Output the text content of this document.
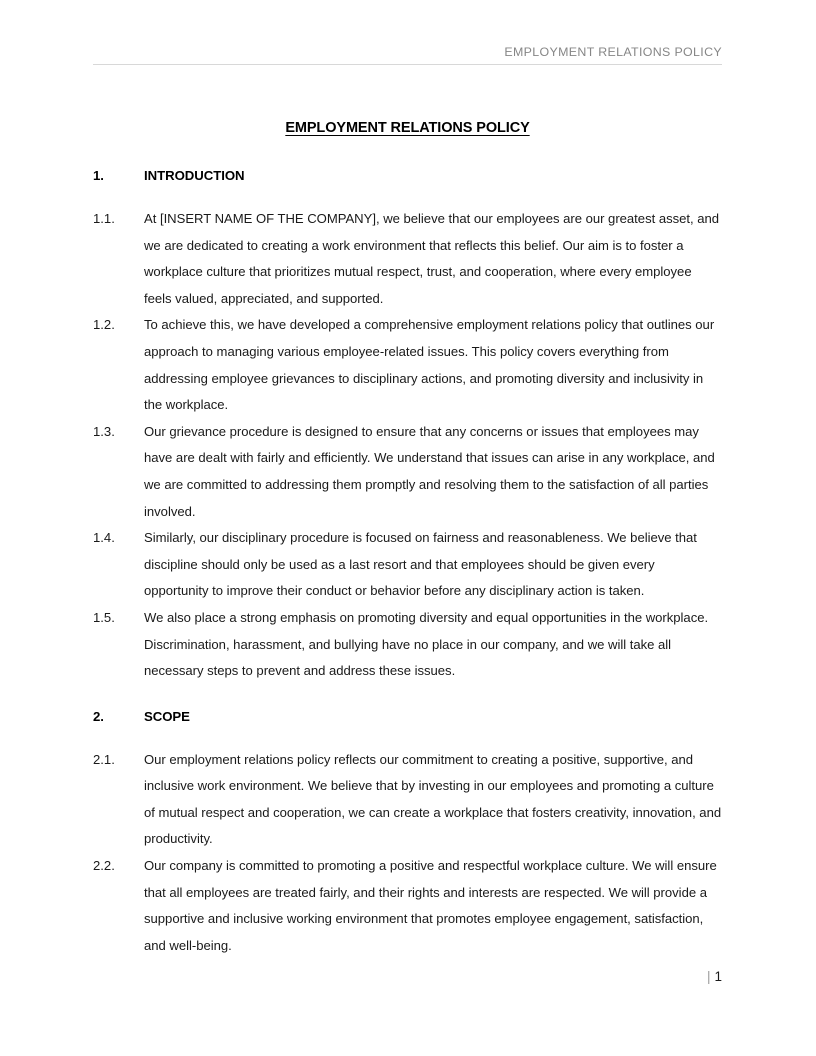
EMPLOYMENT RELATIONS POLICY
EMPLOYMENT RELATIONS POLICY
1.	INTRODUCTION
1.1.	At [INSERT NAME OF THE COMPANY], we believe that our employees are our greatest asset, and we are dedicated to creating a work environment that reflects this belief. Our aim is to foster a workplace culture that prioritizes mutual respect, trust, and cooperation, where every employee feels valued, appreciated, and supported.
1.2.	To achieve this, we have developed a comprehensive employment relations policy that outlines our approach to managing various employee-related issues. This policy covers everything from addressing employee grievances to disciplinary actions, and promoting diversity and inclusivity in the workplace.
1.3.	Our grievance procedure is designed to ensure that any concerns or issues that employees may have are dealt with fairly and efficiently. We understand that issues can arise in any workplace, and we are committed to addressing them promptly and resolving them to the satisfaction of all parties involved.
1.4.	Similarly, our disciplinary procedure is focused on fairness and reasonableness. We believe that discipline should only be used as a last resort and that employees should be given every opportunity to improve their conduct or behavior before any disciplinary action is taken.
1.5.	We also place a strong emphasis on promoting diversity and equal opportunities in the workplace. Discrimination, harassment, and bullying have no place in our company, and we will take all necessary steps to prevent and address these issues.
2.	SCOPE
2.1.	Our employment relations policy reflects our commitment to creating a positive, supportive, and inclusive work environment. We believe that by investing in our employees and promoting a culture of mutual respect and cooperation, we can create a workplace that fosters creativity, innovation, and productivity.
2.2.	Our company is committed to promoting a positive and respectful workplace culture. We will ensure that all employees are treated fairly, and their rights and interests are respected. We will provide a supportive and inclusive working environment that promotes employee engagement, satisfaction, and well-being.
| 1
